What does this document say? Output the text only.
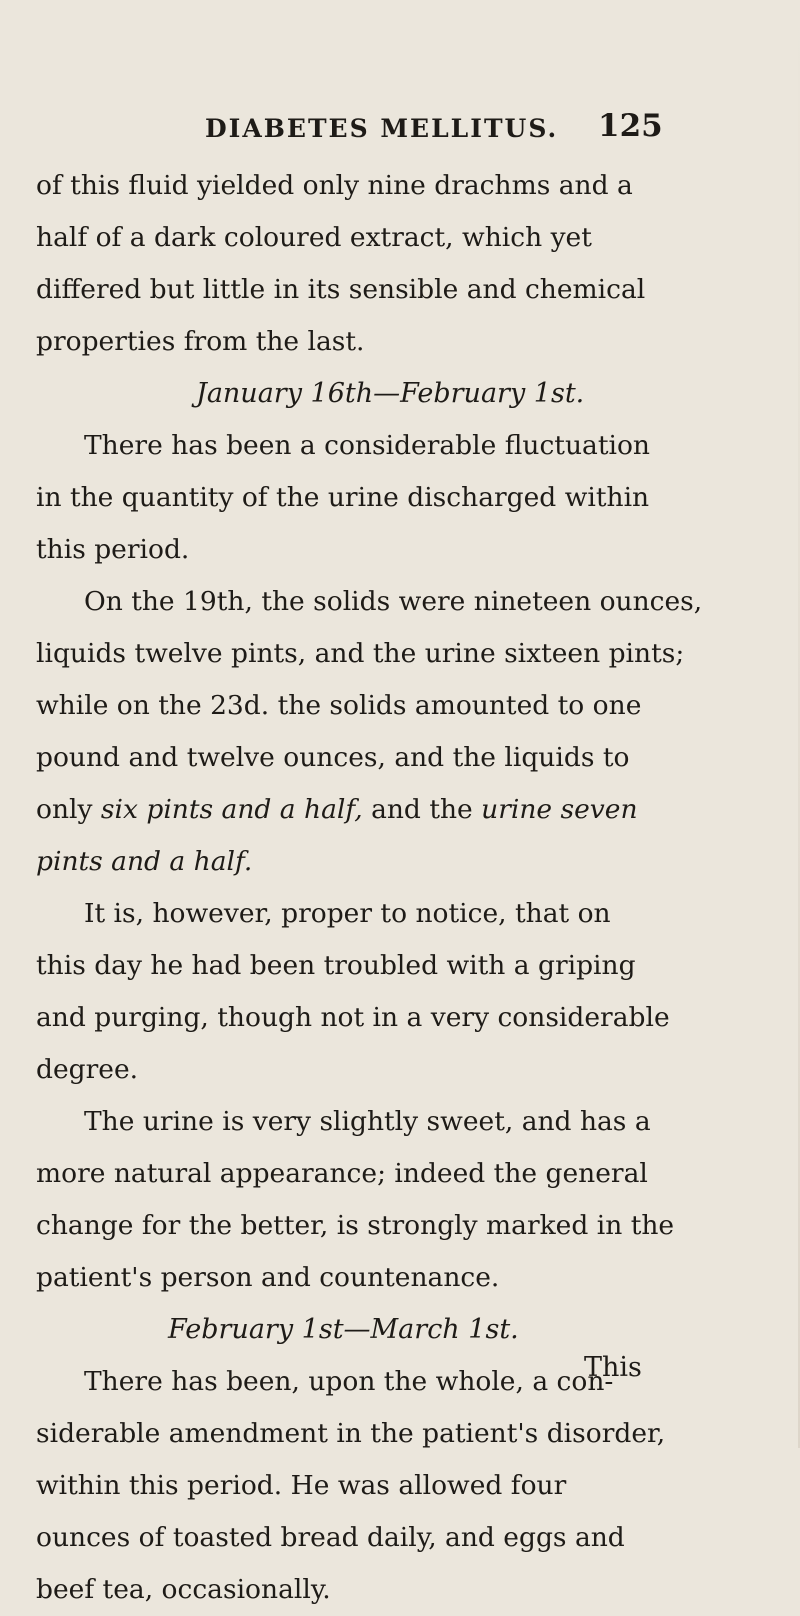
DIABETES MELLITUS. 125
of this fluid yielded only nine drachms and a
half of a dark coloured extract, which yet
differed but little in its sensible and chemical
properties from the last.
January 16th—February 1st.
There has been a considerable fluctuation
in the quantity of the urine discharged within
this period.
On the 19th, the solids were nineteen ounces,
liquids twelve pints, and the urine sixteen pints;
while on the 23d. the solids amounted to one
pound and twelve ounces, and the liquids to
only six pints and a half, and the urine seven
pints and a half.
It is, however, proper to notice, that on
this day he had been troubled with a griping
and purging, though not in a very considerable
degree.
The urine is very slightly sweet, and has a
more natural appearance; indeed the general
change for the better, is strongly marked in the
patient's person and countenance.
February 1st—March 1st.
There has been, upon the whole, a con-
siderable amendment in the patient's disorder,
within this period. He was allowed four
ounces of toasted bread daily, and eggs and
beef tea, occasionally.
This
